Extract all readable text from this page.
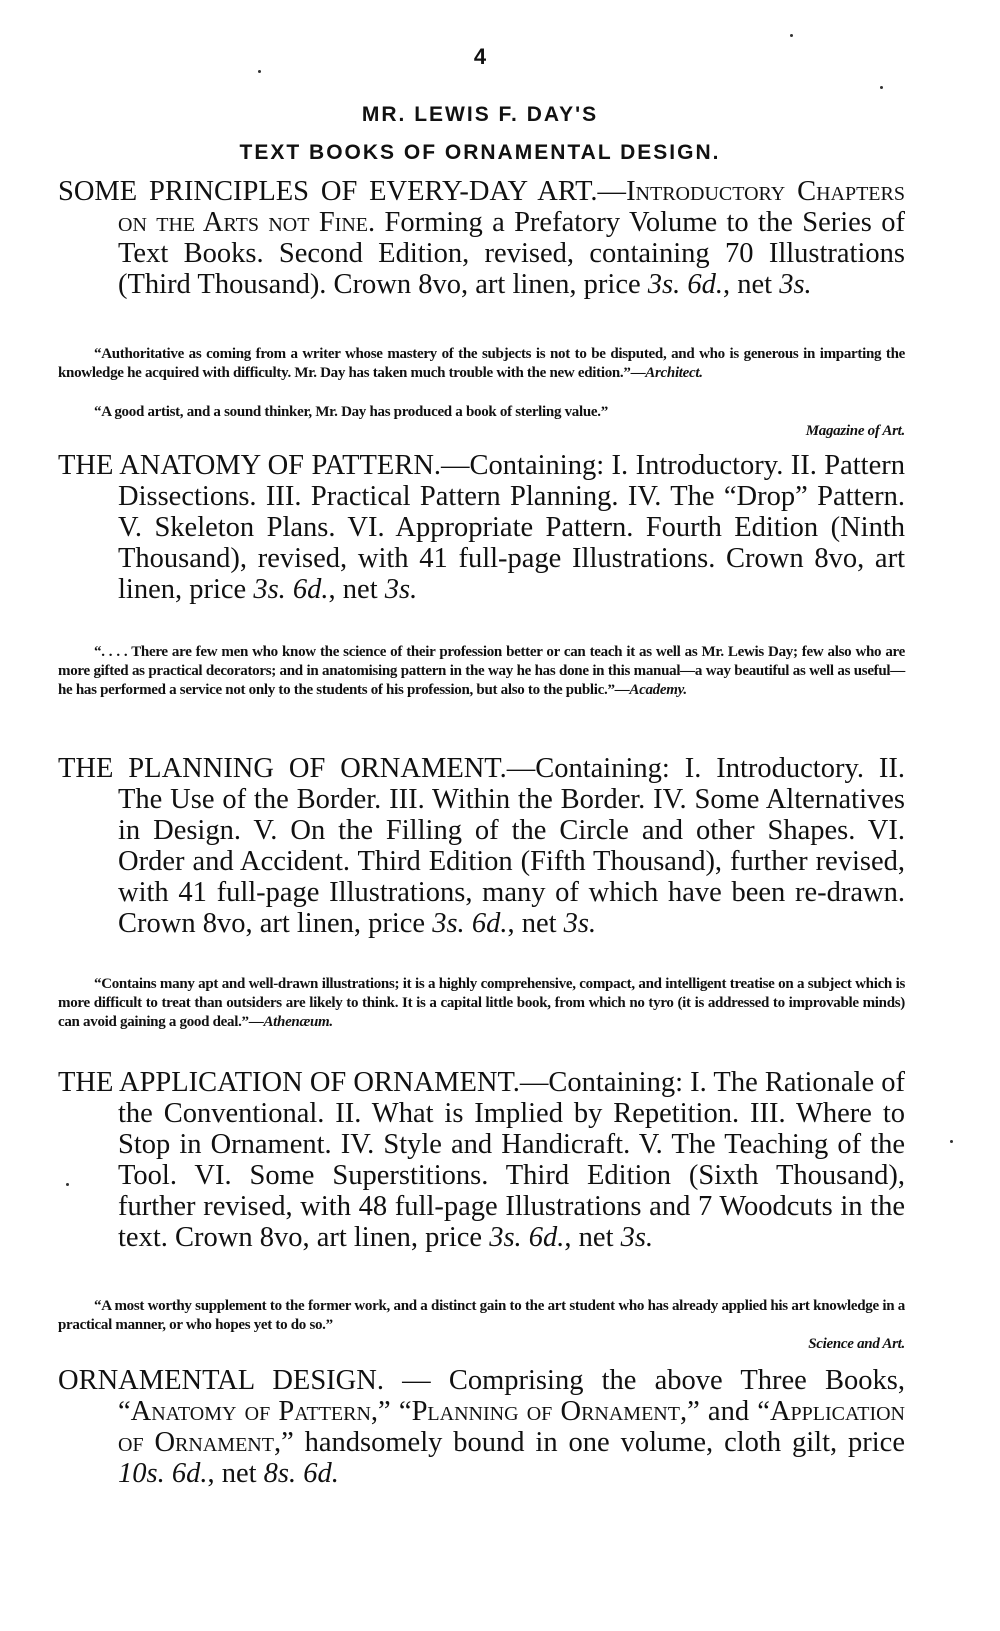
4
MR. LEWIS F. DAY'S
TEXT BOOKS OF ORNAMENTAL DESIGN.
SOME PRINCIPLES OF EVERY-DAY ART.—Introductory Chapters on the Arts not Fine. Forming a Prefatory Volume to the Series of Text Books. Second Edition, revised, containing 70 Illustrations (Third Thousand). Crown 8vo, art linen, price 3s. 6d., net 3s.
“Authoritative as coming from a writer whose mastery of the subjects is not to be disputed, and who is generous in imparting the knowledge he acquired with difficulty. Mr. Day has taken much trouble with the new edition.”—Architect.
“A good artist, and a sound thinker, Mr. Day has produced a book of sterling value.”
Magazine of Art.
THE ANATOMY OF PATTERN.—Containing: I. Introductory. II. Pattern Dissections. III. Practical Pattern Planning. IV. The “Drop” Pattern. V. Skeleton Plans. VI. Appropriate Pattern. Fourth Edition (Ninth Thousand), revised, with 41 full-page Illustrations. Crown 8vo, art linen, price 3s. 6d., net 3s.
“. . . . There are few men who know the science of their profession better or can teach it as well as Mr. Lewis Day; few also who are more gifted as practical decorators; and in anatomising pattern in the way he has done in this manual—a way beautiful as well as useful—he has performed a service not only to the students of his profession, but also to the public.”—Academy.
THE PLANNING OF ORNAMENT.—Containing: I. Introductory. II. The Use of the Border. III. Within the Border. IV. Some Alternatives in Design. V. On the Filling of the Circle and other Shapes. VI. Order and Accident. Third Edition (Fifth Thousand), further revised, with 41 full-page Illustrations, many of which have been re-drawn. Crown 8vo, art linen, price 3s. 6d., net 3s.
“Contains many apt and well-drawn illustrations; it is a highly comprehensive, compact, and intelligent treatise on a subject which is more difficult to treat than outsiders are likely to think. It is a capital little book, from which no tyro (it is addressed to improvable minds) can avoid gaining a good deal.”—Athenæum.
THE APPLICATION OF ORNAMENT.—Containing: I. The Rationale of the Conventional. II. What is Implied by Repetition. III. Where to Stop in Ornament. IV. Style and Handicraft. V. The Teaching of the Tool. VI. Some Superstitions. Third Edition (Sixth Thousand), further revised, with 48 full-page Illustrations and 7 Woodcuts in the text. Crown 8vo, art linen, price 3s. 6d., net 3s.
“A most worthy supplement to the former work, and a distinct gain to the art student who has already applied his art knowledge in a practical manner, or who hopes yet to do so.”
Science and Art.
ORNAMENTAL DESIGN. — Comprising the above Three Books, “Anatomy of Pattern,” “Planning of Ornament,” and “Application of Ornament,” handsomely bound in one volume, cloth gilt, price 10s. 6d., net 8s. 6d.
